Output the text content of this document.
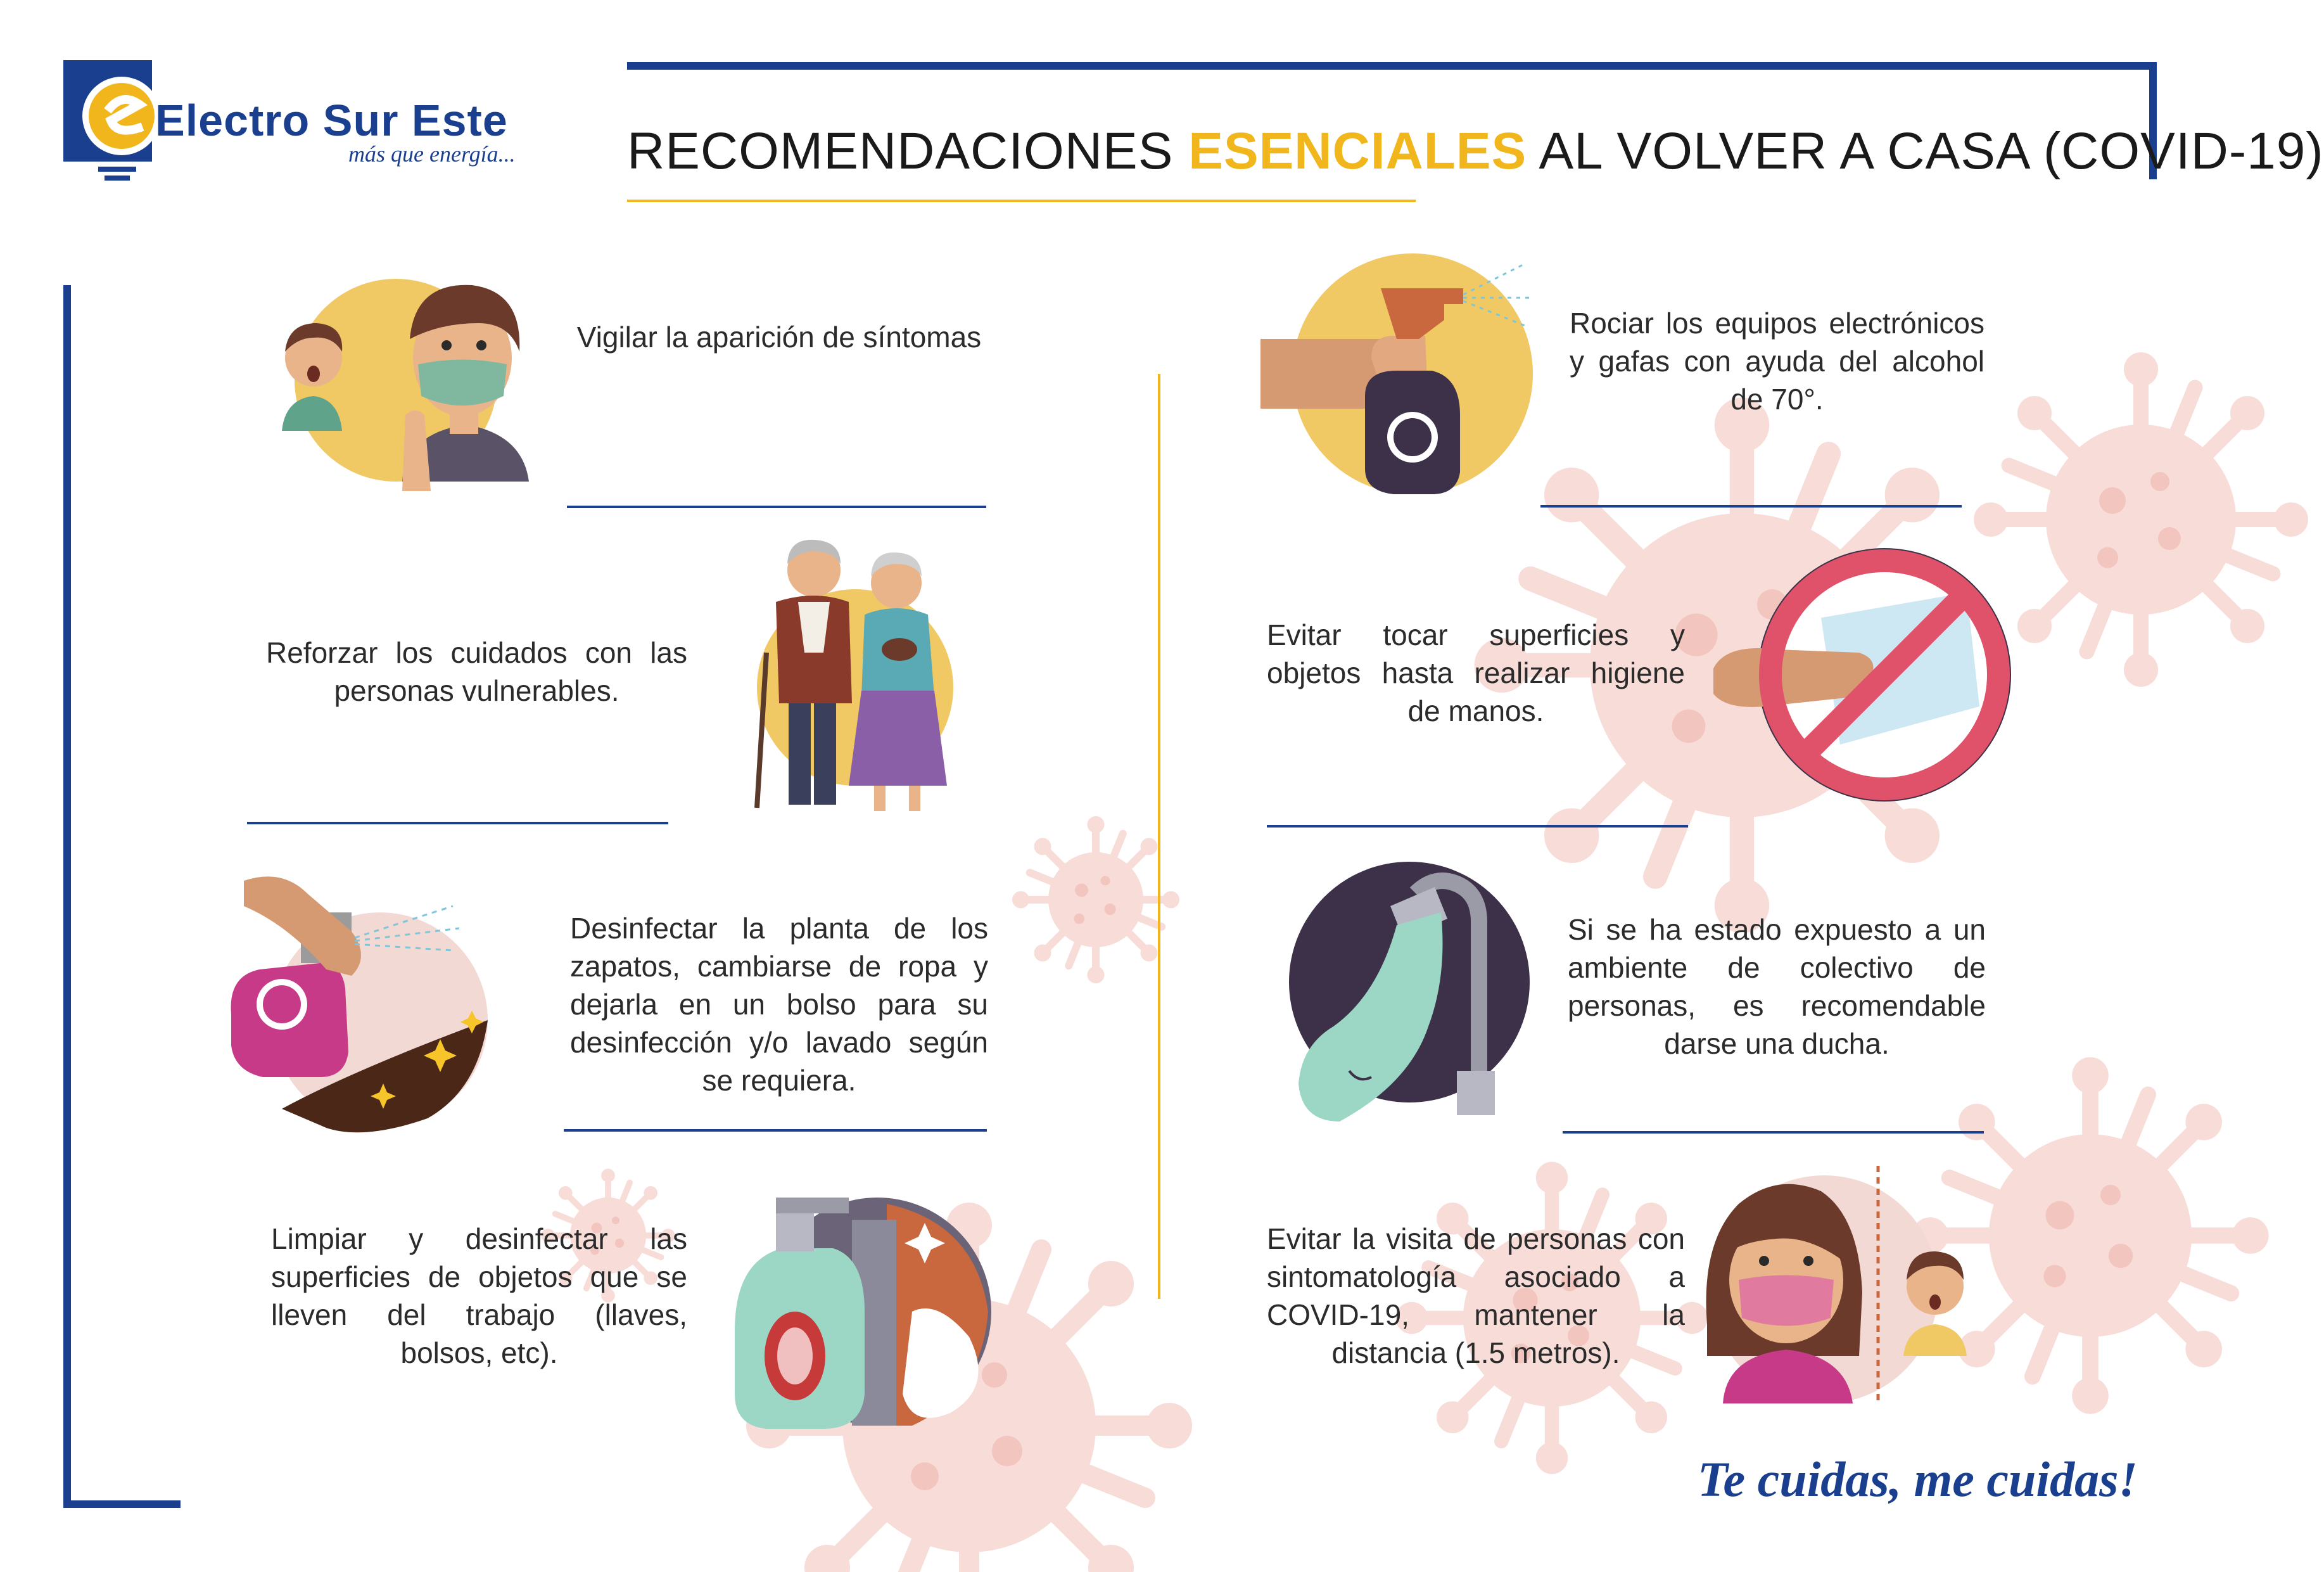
Electro Sur Este
más que energía... RECOMENDACIONES ESENCIALES AL VOLVER A CASA (COVID-19)
Vigilar la aparición de síntomas
Reforzar los cuidados con las personas vulnerables.
Desinfectar la planta de los zapatos, cambiarse de ropa y dejarla en un bolso para su desinfección y/o lavado según se requiera.
Limpiar y desinfectar las superficies de objetos que se lleven del trabajo (llaves, bolsos, etc).
Rociar los equipos electrónicos y gafas con ayuda del alcohol de 70°.
Evitar tocar superficies y objetos hasta realizar higiene de manos.
Si se ha estado expuesto a un ambiente de colectivo de personas, es recomendable darse una ducha.
Evitar la visita de personas con sintomatología asociado a COVID-19, mantener la distancia (1.5 metros).
Te cuidas, me cuidas!
